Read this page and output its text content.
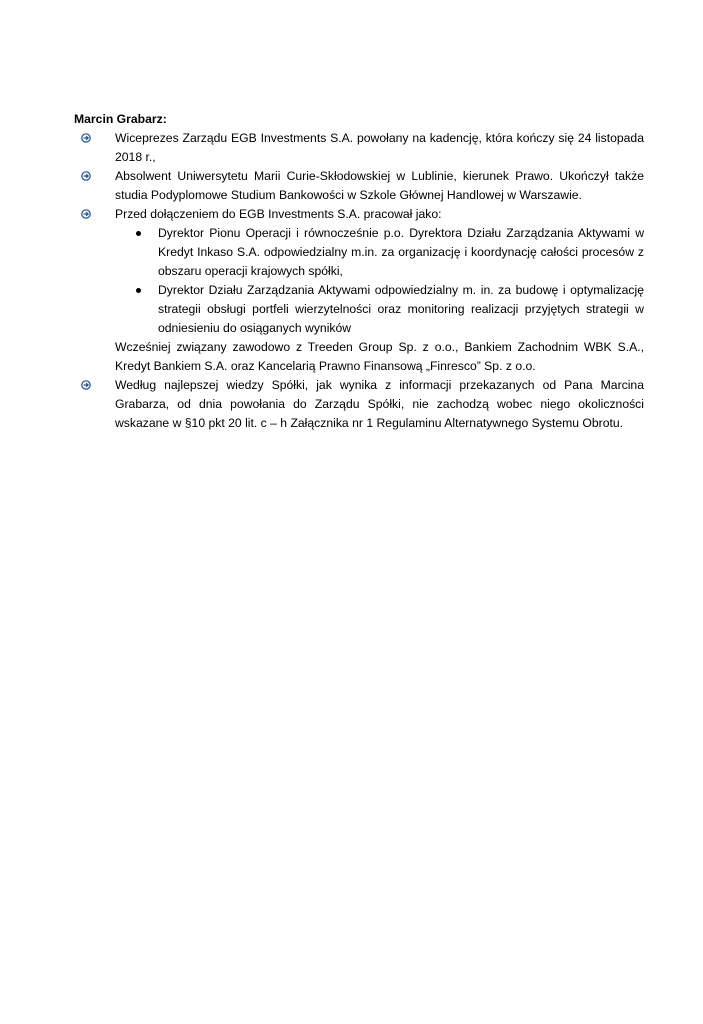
Marcin Grabarz:

Wiceprezes Zarządu EGB Investments S.A. powołany na kadencję, która kończy się 24 listopada 2018 r.,
Absolwent Uniwersytetu Marii Curie-Skłodowskiej w Lublinie, kierunek Prawo. Ukończył także studia Podyplomowe Studium Bankowości w Szkole Głównej Handlowej w Warszawie.
Przed dołączeniem do EGB Investments S.A. pracował jako:
Dyrektor Pionu Operacji i równocześnie p.o. Dyrektora Działu Zarządzania Aktywami w Kredyt Inkaso S.A. odpowiedzialny m.in. za organizację i koordynację całości procesów z obszaru operacji krajowych spółki,
Dyrektor Działu Zarządzania Aktywami odpowiedzialny m. in. za budowę i optymalizację strategii obsługi portfeli wierzytelności oraz monitoring realizacji przyjętych strategii w odniesieniu do osiąganych wyników

Wcześniej związany zawodowo z Treeden Group Sp. z o.o., Bankiem Zachodnim WBK S.A., Kredyt Bankiem S.A. oraz Kancelarią Prawno Finansową „Finresco” Sp. z o.o.

Według najlepszej wiedzy Spółki, jak wynika z informacji przekazanych od Pana Marcina Grabarza, od dnia powołania do Zarządu Spółki, nie zachodzą wobec niego okoliczności wskazane w §10 pkt 20 lit. c – h Załącznika nr 1 Regulaminu Alternatywnego Systemu Obrotu.
